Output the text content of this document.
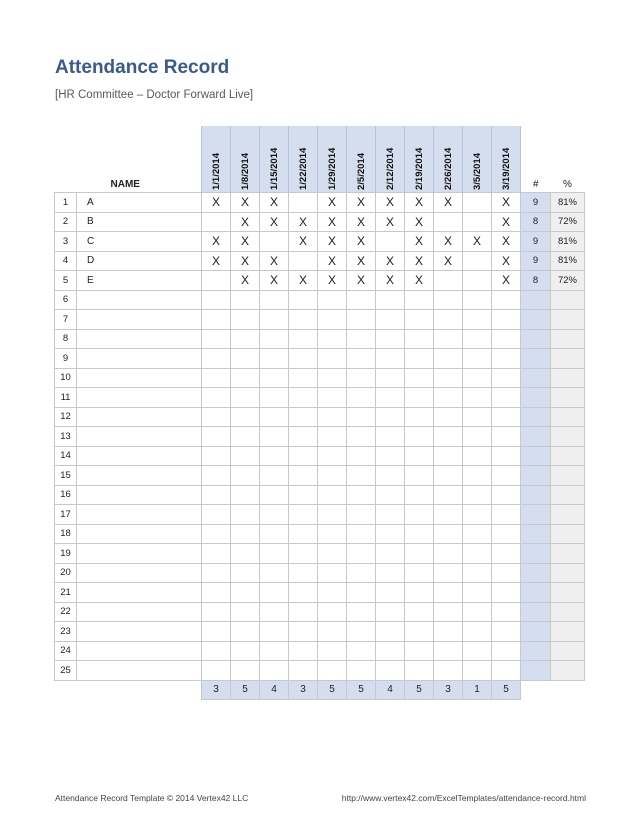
Attendance Record
[HR Committee – Doctor Forward Live]
	NAME	1/1/2014	1/8/2014	1/15/2014	1/22/2014	1/29/2014	2/5/2014	2/12/2014	2/19/2014	2/26/2014	3/5/2014	3/19/2014	#	%
1	A	X	X	X		X	X	X	X	X		X	9	81%
2	B		X	X	X	X	X	X	X			X	8	72%
3	C	X	X		X	X	X		X	X	X	X	9	81%
4	D	X	X	X		X	X	X	X	X		X	9	81%
5	E		X	X	X	X	X	X	X			X	8	72%
6														
7														
8														
9														
10														
11														
12														
13														
14														
15														
16														
17														
18														
19														
20														
21														
22														
23														
24														
25														
		3	5	4	3	5	5	4	5	3	1	5		
Attendance Record Template © 2014 Vertex42 LLC	http://www.vertex42.com/ExcelTemplates/attendance-record.html
